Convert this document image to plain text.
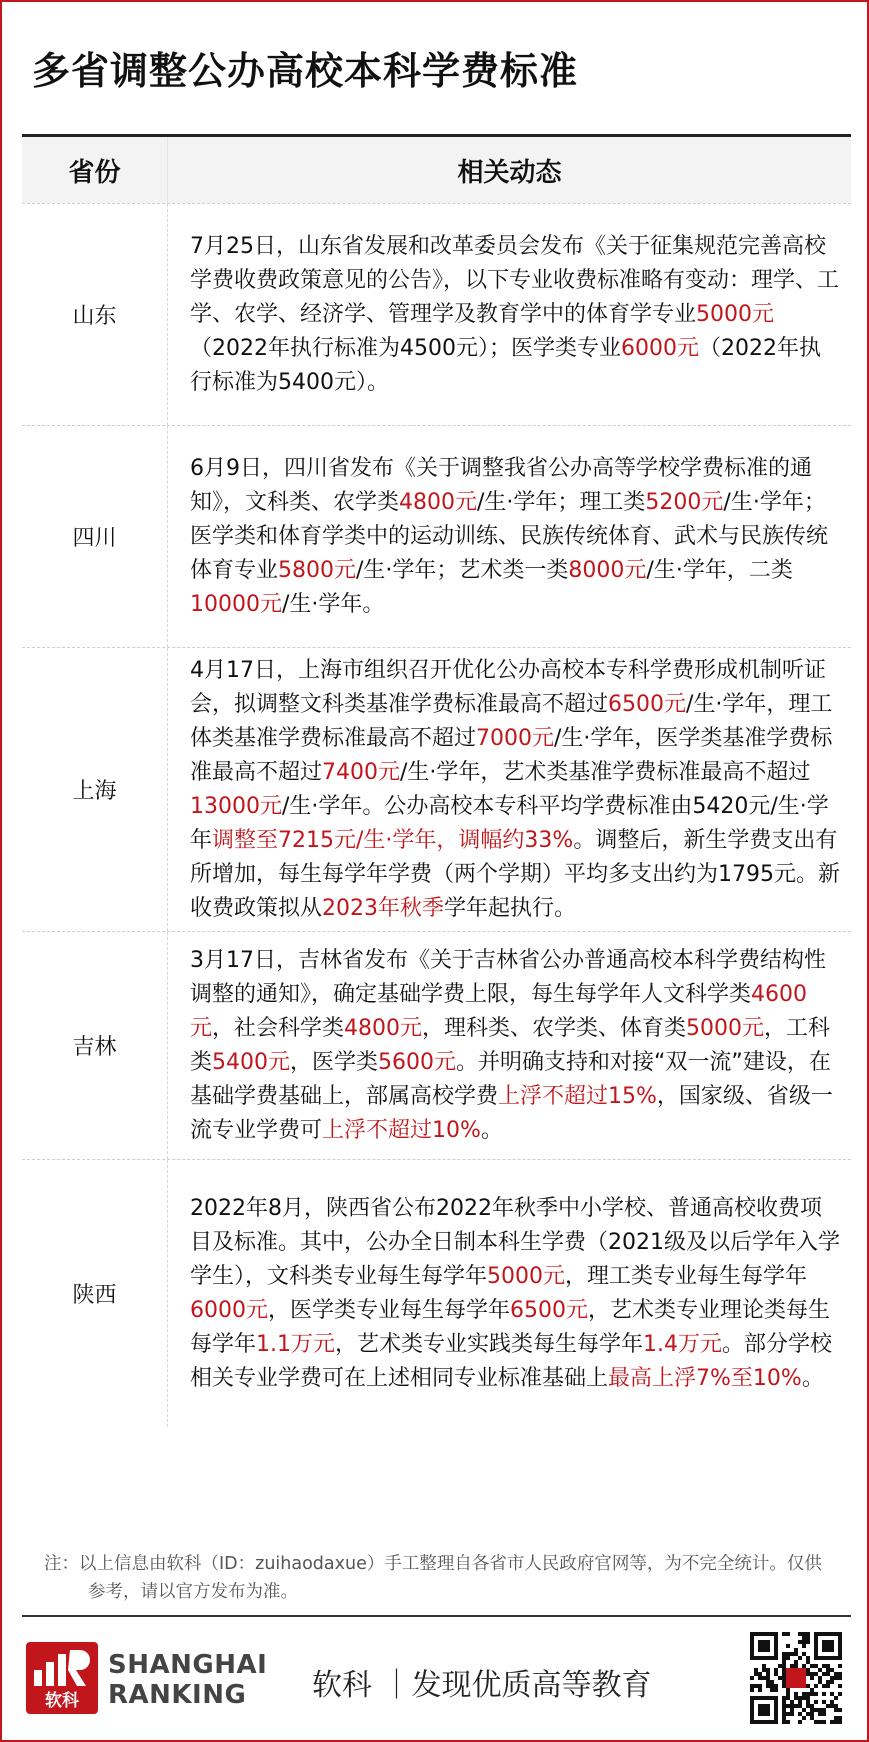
多省调整公办高校本科学费标准
省份	相关动态
山东

7月25日，山东省发展和改革委员会发布《关于征集规范完善高校学费收费政策意见的公告》，以下专业收费标准略有变动：理学、工学、农学、经济学、管理学及教育学中的体育学专业5000元（2022年执行标准为4500元）；医学类专业6000元（2022年执行标准为5400元）。

四川

6月9日，四川省发布《关于调整我省公办高等学校学费标准的通知》，文科类、农学类4800元/生·学年；理工类5200元/生·学年；医学类和体育学类中的运动训练、民族传统体育、武术与民族传统体育专业5800元/生·学年；艺术类一类8000元/生·学年，二类10000元/生·学年。

上海

4月17日，上海市组织召开优化公办高校本专科学费形成机制听证会，拟调整文科类基准学费标准最高不超过6500元/生·学年，理工体类基准学费标准最高不超过7000元/生·学年，医学类基准学费标准最高不超过7400元/生·学年，艺术类基准学费标准最高不超过13000元/生·学年。公办高校本专科平均学费标准由5420元/生·学年调整至7215元/生·学年，调幅约33%。调整后，新生学费支出有所增加，每生每学年学费（两个学期）平均多支出约为1795元。新收费政策拟从2023年秋季学年起执行。

吉林

3月17日，吉林省发布《关于吉林省公办普通高校本科学费结构性调整的通知》，确定基础学费上限，每生每学年人文科学类4600元，社会科学类4800元，理科类、农学类、体育类5000元，工科类5400元，医学类5600元。并明确支持和对接“双一流”建设，在基础学费基础上，部属高校学费上浮不超过15%，国家级、省级一流专业学费可上浮不超过10%。

陕西

2022年8月，陕西省公布2022年秋季中小学校、普通高校收费项目及标准。其中，公办全日制本科生学费（2021级及以后学年入学学生），文科类专业每生每学年5000元，理工类专业每生每学年6000元，医学类专业每生每学年6500元，艺术类专业理论类每生每学年1.1万元，艺术类专业实践类每生每学年1.4万元。部分学校相关专业学费可在上述相同专业标准基础上最高上浮7%至10%。

注：以上信息由软科（ID：zuihaodaxue）手工整理自各省市人民政府官网等，为不完全统计。仅供参考，请以官方发布为准。
软科
SHANGHAI
RANKING	软科 ｜发现优质高等教育
